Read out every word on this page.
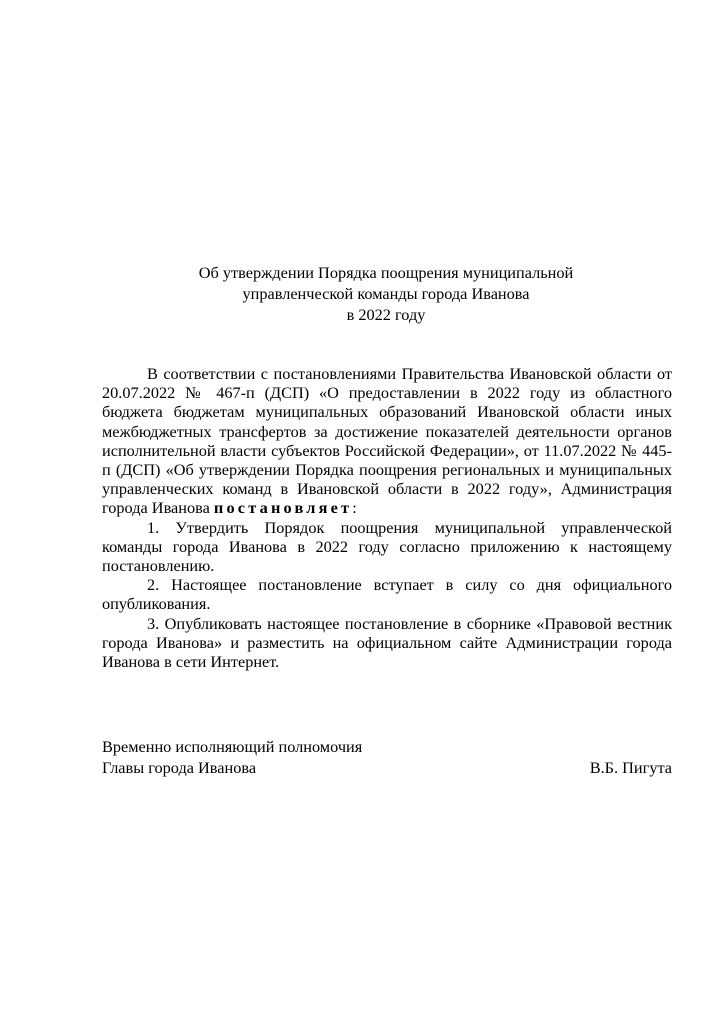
Об утверждении Порядка поощрения муниципальной
управленческой команды города Иванова
в 2022 году

В соответствии с постановлениями Правительства Ивановской области от 20.07.2022 № 467-п (ДСП) «О предоставлении в 2022 году из областного бюджета бюджетам муниципальных образований Ивановской области иных межбюджетных трансфертов за достижение показателей деятельности органов исполнительной власти субъектов Российской Федерации», от 11.07.2022 № 445-п (ДСП) «Об утверждении Порядка поощрения региональных и муниципальных управленческих команд в Ивановской области в 2022 году», Администрация города Иванова постановляет:

1. Утвердить Порядок поощрения муниципальной управленческой команды города Иванова в 2022 году согласно приложению к настоящему постановлению.

2. Настоящее постановление вступает в силу со дня официального опубликования.

3. Опубликовать настоящее постановление в сборнике «Правовой вестник города Иванова» и разместить на официальном сайте Администрации города Иванова в сети Интернет.

Временно исполняющий полномочия
Главы города Иванова	В.Б. Пигута
